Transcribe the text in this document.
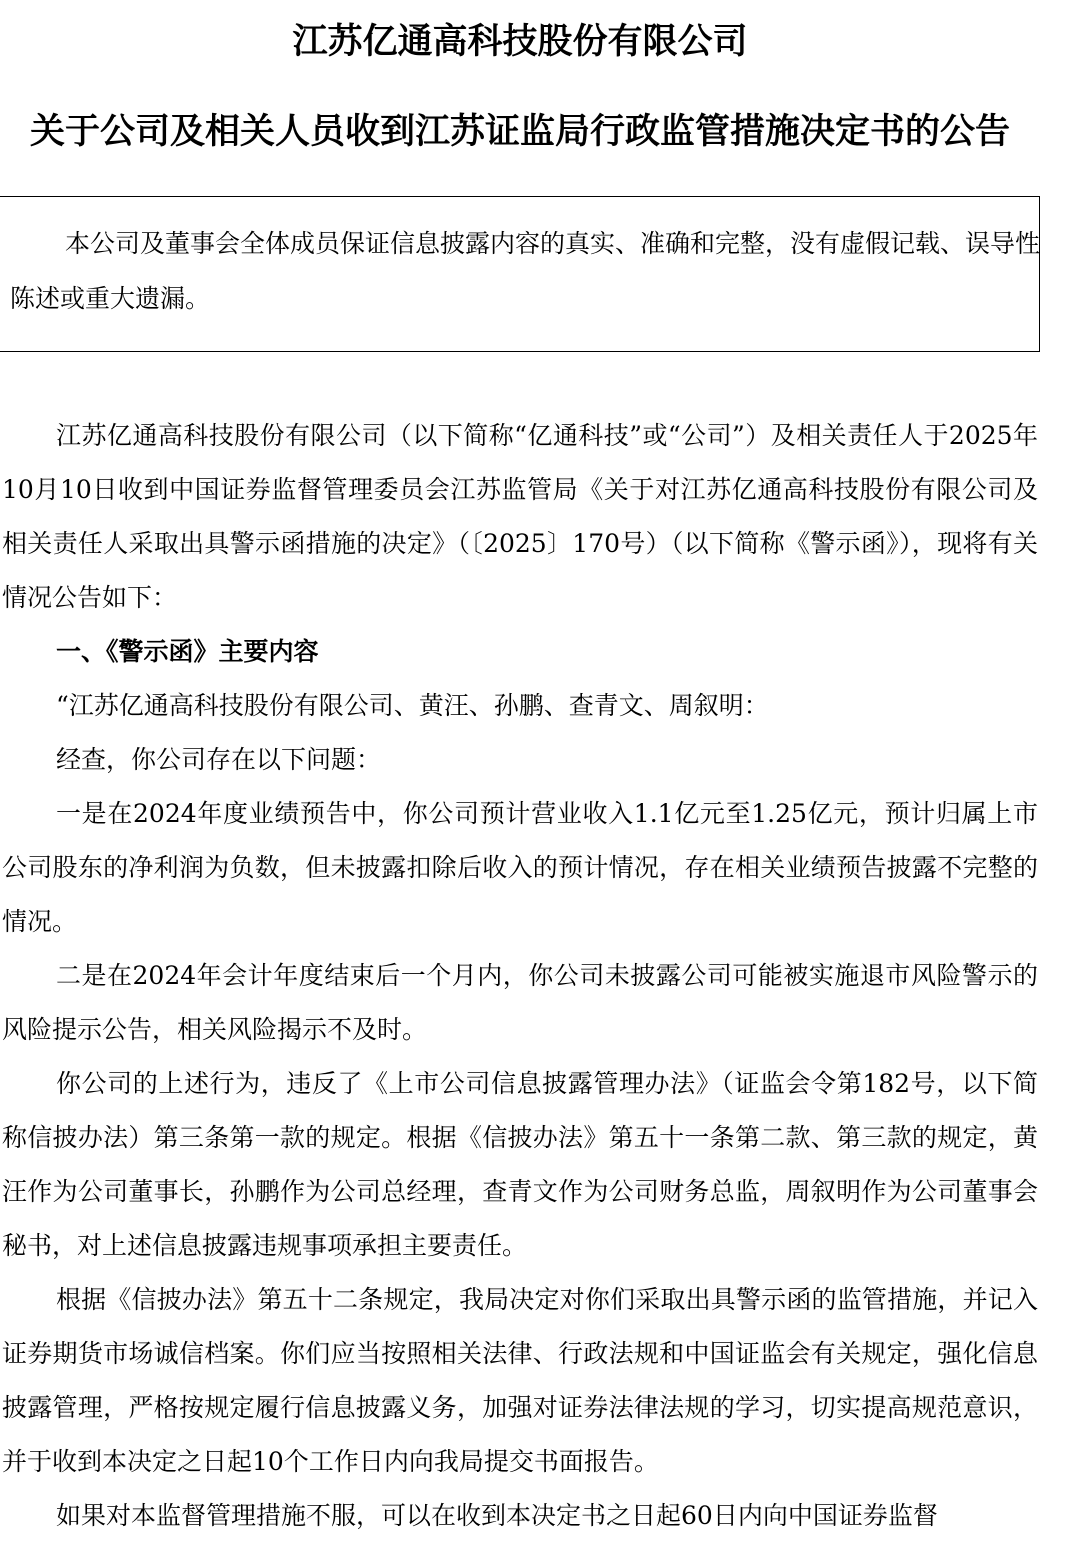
江苏亿通高科技股份有限公司
关于公司及相关人员收到江苏证监局行政监管措施决定书的公告
本公司及董事会全体成员保证信息披露内容的真实、准确和完整，没有虚假记载、误导性陈述或重大遗漏。

江苏亿通高科技股份有限公司（以下简称“亿通科技”或“公司”）及相关责任人于2025年10月10日收到中国证券监督管理委员会江苏监管局《关于对江苏亿通高科技股份有限公司及相关责任人采取出具警示函措施的决定》（〔2025〕170号）（以下简称《警示函》），现将有关情况公告如下：

一、《警示函》主要内容

“江苏亿通高科技股份有限公司、黄汪、孙鹏、查青文、周叙明：

经查，你公司存在以下问题：

一是在2024年度业绩预告中，你公司预计营业收入1.1亿元至1.25亿元，预计归属上市公司股东的净利润为负数，但未披露扣除后收入的预计情况，存在相关业绩预告披露不完整的情况。

二是在2024年会计年度结束后一个月内，你公司未披露公司可能被实施退市风险警示的风险提示公告，相关风险揭示不及时。

你公司的上述行为，违反了《上市公司信息披露管理办法》（证监会令第182号，以下简称信披办法）第三条第一款的规定。根据《信披办法》第五十一条第二款、第三款的规定，黄汪作为公司董事长，孙鹏作为公司总经理，查青文作为公司财务总监，周叙明作为公司董事会秘书，对上述信息披露违规事项承担主要责任。

根据《信披办法》第五十二条规定，我局决定对你们采取出具警示函的监管措施，并记入证券期货市场诚信档案。你们应当按照相关法律、行政法规和中国证监会有关规定，强化信息披露管理，严格按规定履行信息披露义务，加强对证券法律法规的学习，切实提高规范意识，并于收到本决定之日起10个工作日内向我局提交书面报告。

如果对本监督管理措施不服，可以在收到本决定书之日起60日内向中国证券监督
